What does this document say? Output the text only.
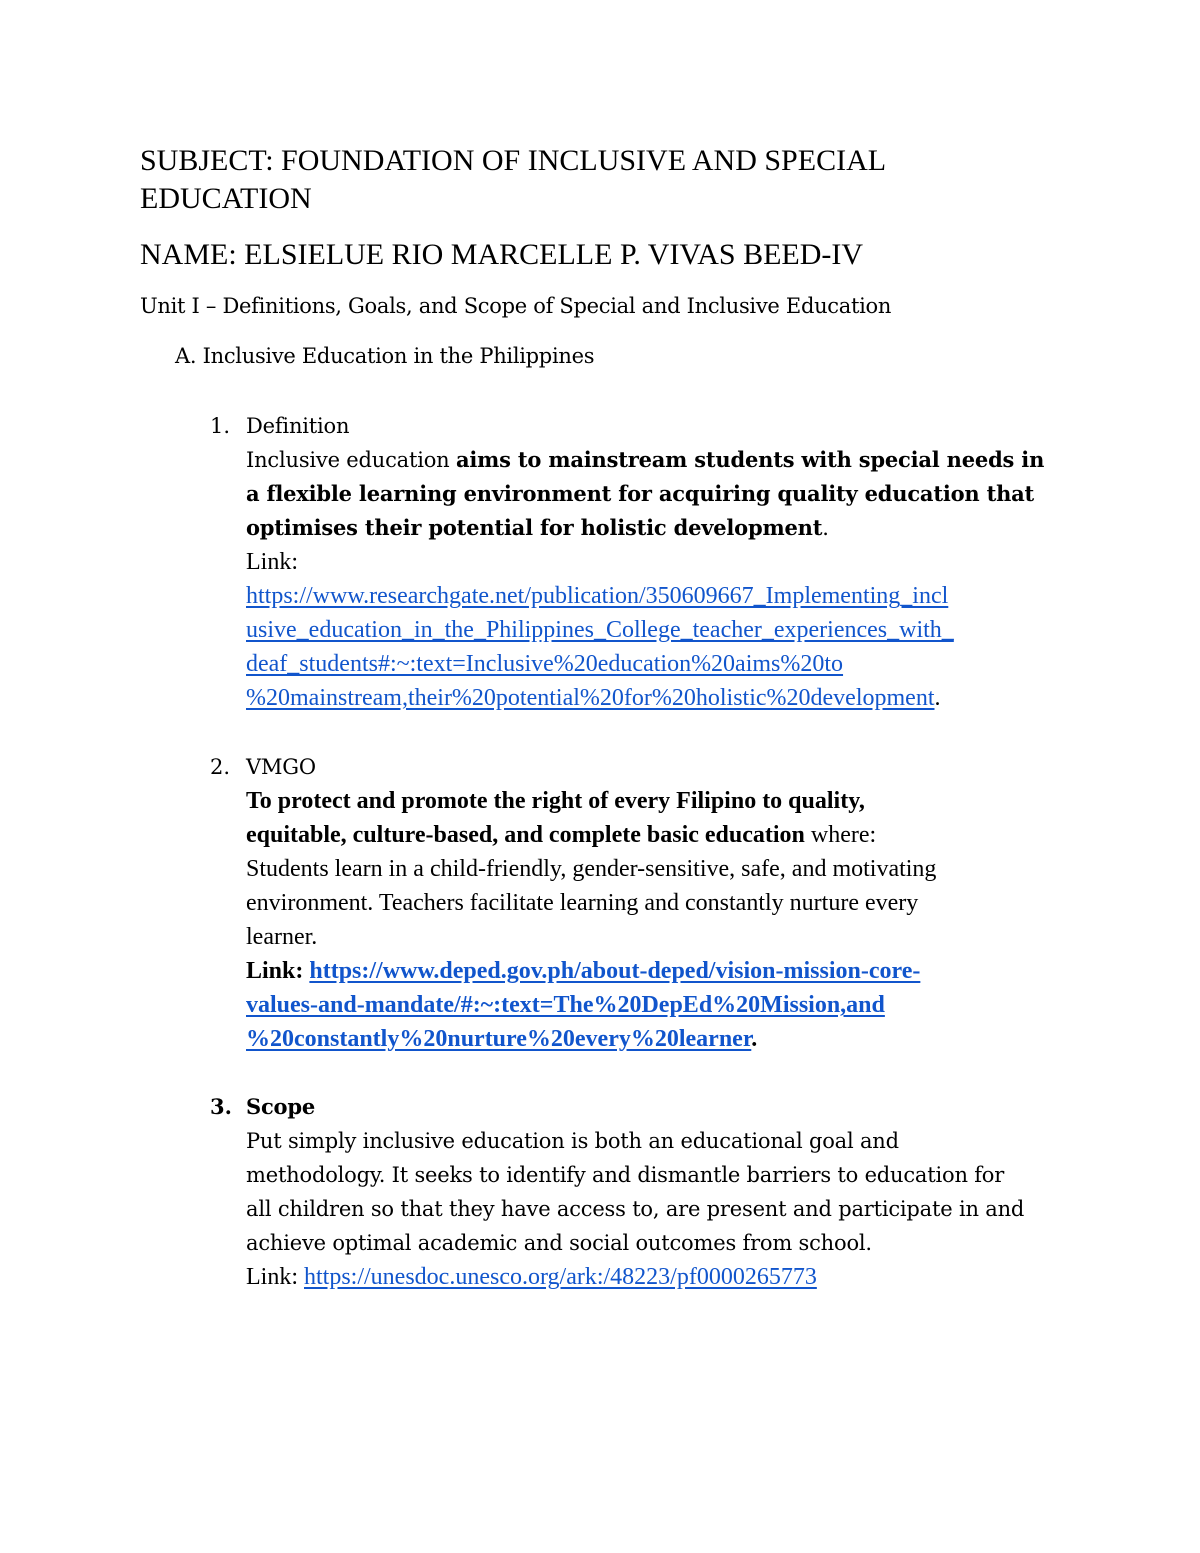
SUBJECT: FOUNDATION OF INCLUSIVE AND SPECIAL
EDUCATION
NAME: ELSIELUE RIO MARCELLE P. VIVAS BEED-IV
Unit I – Definitions, Goals, and Scope of Special and Inclusive Education
A. Inclusive Education in the Philippines
1. Definition
Inclusive education aims to mainstream students with special needs in
a flexible learning environment for acquiring quality education that
optimises their potential for holistic development.
Link:
https://www.researchgate.net/publication/350609667_Implementing_incl
usive_education_in_the_Philippines_College_teacher_experiences_with_
deaf_students#:~:text=Inclusive%20education%20aims%20to
%20mainstream,their%20potential%20for%20holistic%20development.
2. VMGO
To protect and promote the right of every Filipino to quality,
equitable, culture-based, and complete basic education where:
Students learn in a child-friendly, gender-sensitive, safe, and motivating
environment. Teachers facilitate learning and constantly nurture every
learner.
Link: https://www.deped.gov.ph/about-deped/vision-mission-core-
values-and-mandate/#:~:text=The%20DepEd%20Mission,and
%20constantly%20nurture%20every%20learner.
3. Scope
Put simply inclusive education is both an educational goal and
methodology. It seeks to identify and dismantle barriers to education for
all children so that they have access to, are present and participate in and
achieve optimal academic and social outcomes from school.
Link: https://unesdoc.unesco.org/ark:/48223/pf0000265773
